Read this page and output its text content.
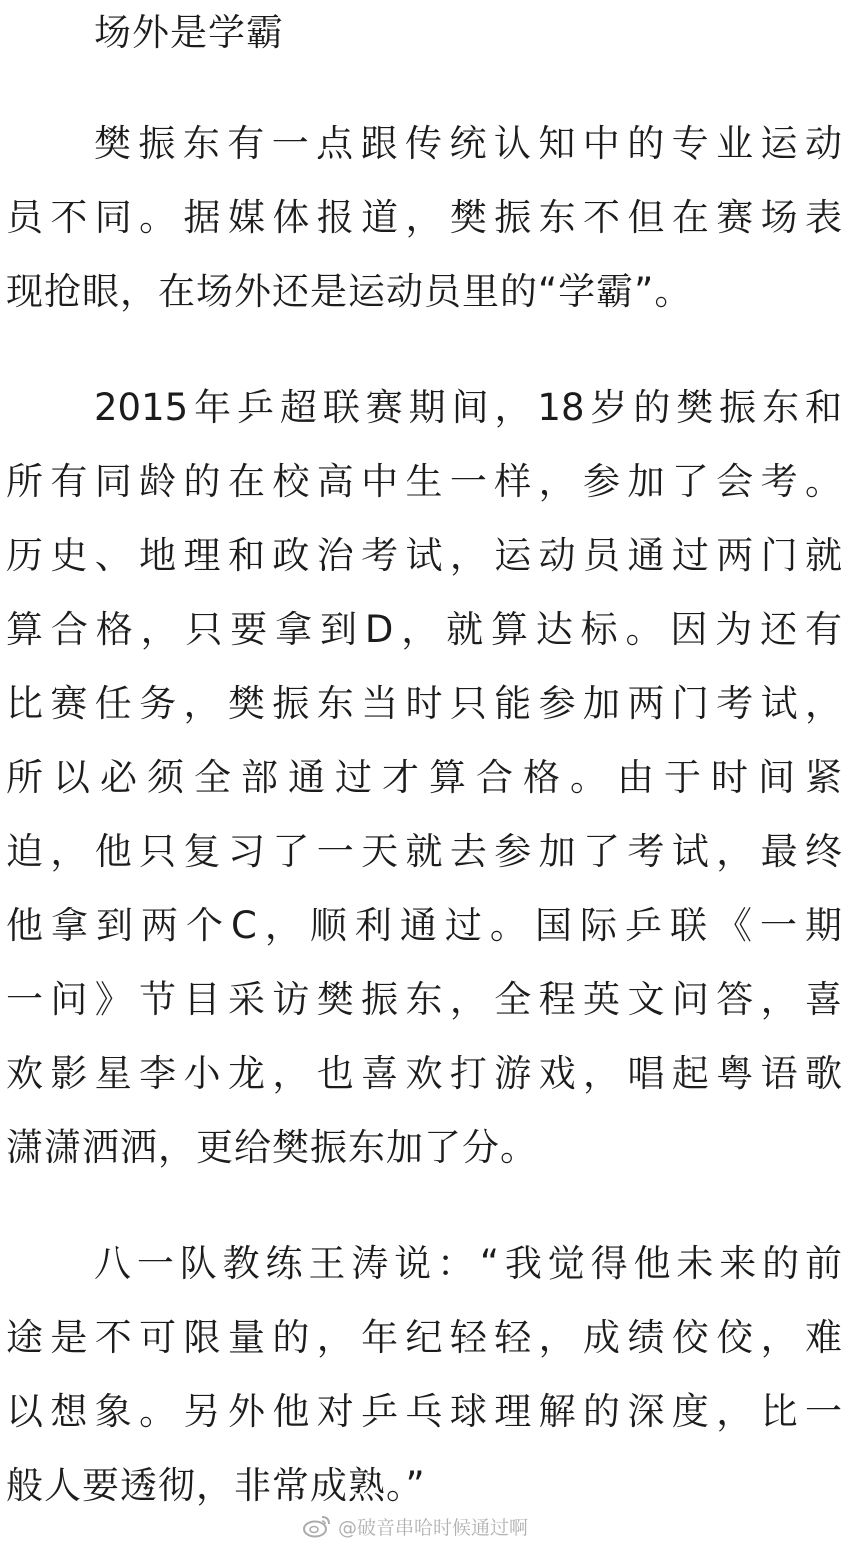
场外是学霸
樊振东有一点跟传统认知中的专业运动
员不同。据媒体报道，樊振东不但在赛场表
现抢眼，在场外还是运动员里的“学霸”。
2015年乒超联赛期间，18岁的樊振东和
所有同龄的在校高中生一样，参加了会考。
历史、地理和政治考试，运动员通过两门就
算合格，只要拿到D，就算达标。因为还有
比赛任务，樊振东当时只能参加两门考试，
所以必须全部通过才算合格。由于时间紧
迫，他只复习了一天就去参加了考试，最终
他拿到两个C，顺利通过。国际乒联《一期
一问》节目采访樊振东，全程英文问答，喜
欢影星李小龙，也喜欢打游戏，唱起粤语歌
潇潇洒洒，更给樊振东加了分。
八一队教练王涛说：“我觉得他未来的前
途是不可限量的，年纪轻轻，成绩佼佼，难
以想象。另外他对乒乓球理解的深度，比一
般人要透彻，非常成熟。”
@破音串哈时候通过啊
